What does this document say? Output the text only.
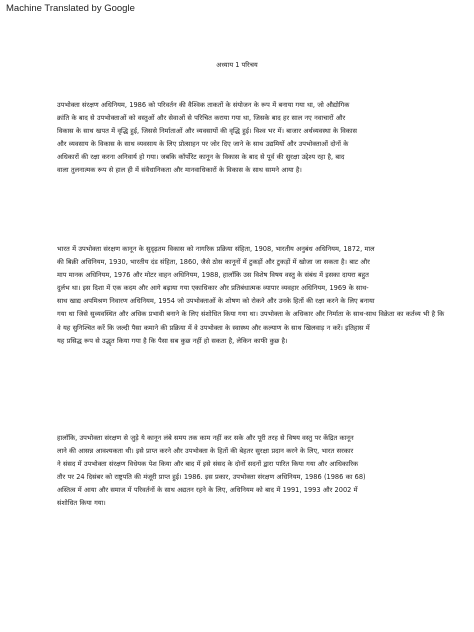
Machine Translated by Google
अध्याय 1 परिचय
उपभोक्ता संरक्षण अधिनियम, 1986 को परिवर्तन की वैश्विक ताकतों के संयोजन के रूप में बनाया गया था, जो औद्योगिक
क्रांति के बाद से उपभोक्ताओं को वस्तुओं और सेवाओं से परिचित कराया गया था, जिसके बाद हर साल नए नवाचारों और
विकास के साथ खपत में वृद्धि हुई, जिससे निर्माताओं और व्यवसायों की वृद्धि हुई। विश्व भर में। बाजार अर्थव्यवस्था के विकास
और व्यवसाय के विकास के साथ व्यवसाय के लिए प्रोत्साहन पर जोर दिए जाने के साथ उद्यमियों और उपभोक्ताओं दोनों के
अधिकारों की रक्षा करना अनिवार्य हो गया। जबकि कॉर्पोरेट कानून के विकास के बाद से पूर्व की सुरक्षा उद्देश्य रहा है, बाद
वाला तुलनात्मक रूप से हाल ही में संवैधानिकता और मानवाधिकारों के विकास के साथ सामने आया है।
भारत में उपभोक्ता संरक्षण कानून के सुदृढ़तम विकास को नागरिक प्रक्रिया संहिता, 1908, भारतीय अनुबंध अधिनियम, 1872, माल
की बिक्री अधिनियम, 1930, भारतीय दंड संहिता, 1860, जैसे ठोस कानूनों में टुकड़ों और टुकड़ों में खोजा जा सकता है। बाट और
माप मानक अधिनियम, 1976 और मोटर वाहन अधिनियम, 1988, हालाँकि उस विशेष विषय वस्तु के संबंध में इसका दायरा बहुत
दुर्लभ था। इस दिशा में एक कदम और आगे बढ़ाया गया एकाधिकार और प्रतिबंधात्मक व्यापार व्यवहार अधिनियम, 1969 के साथ-
साथ खाद्य अपमिश्रण निवारण अधिनियम, 1954 जो उपभोक्ताओं के शोषण को रोकने और उनके हितों की रक्षा करने के लिए बनाया
गया था जिसे सुव्यवस्थित और अधिक प्रभावी बनाने के लिए संशोधित किया गया था। उपभोक्ता के अधिकार और निर्माता के साथ-साथ विक्रेता का कर्तव्य भी है कि
वे यह सुनिश्चित करें कि जल्दी पैसा कमाने की प्रक्रिया में वे उपभोक्ता के स्वास्थ्य और कल्याण के साथ खिलवाड़ न करें। इतिहास में
यह प्रसिद्ध रूप से उद्धृत किया गया है कि पैसा सब कुछ नहीं हो सकता है, लेकिन काफी कुछ है।
हालाँकि, उपभोक्ता संरक्षण से जुड़े ये कानून लंबे समय तक काम नहीं कर सके और पूरी तरह से विषय वस्तु पर केंद्रित कानून
लाने की आसन्न आवश्यकता थी। इसे प्राप्त करने और उपभोक्ता के हितों की बेहतर सुरक्षा प्रदान करने के लिए, भारत सरकार
ने संसद में उपभोक्ता संरक्षण विधेयक पेश किया और बाद में इसे संसद के दोनों सदनों द्वारा पारित किया गया और आधिकारिक
तौर पर 24 दिसंबर को राष्ट्रपति की मंजूरी प्राप्त हुई। 1986. इस प्रकार, उपभोक्ता संरक्षण अधिनियम, 1986 (1986 का 68)
अस्तित्व में आया और समाज में परिवर्तनों के साथ अद्यतन रहने के लिए, अधिनियम को बाद में 1991, 1993 और 2002 में
संशोधित किया गया।
